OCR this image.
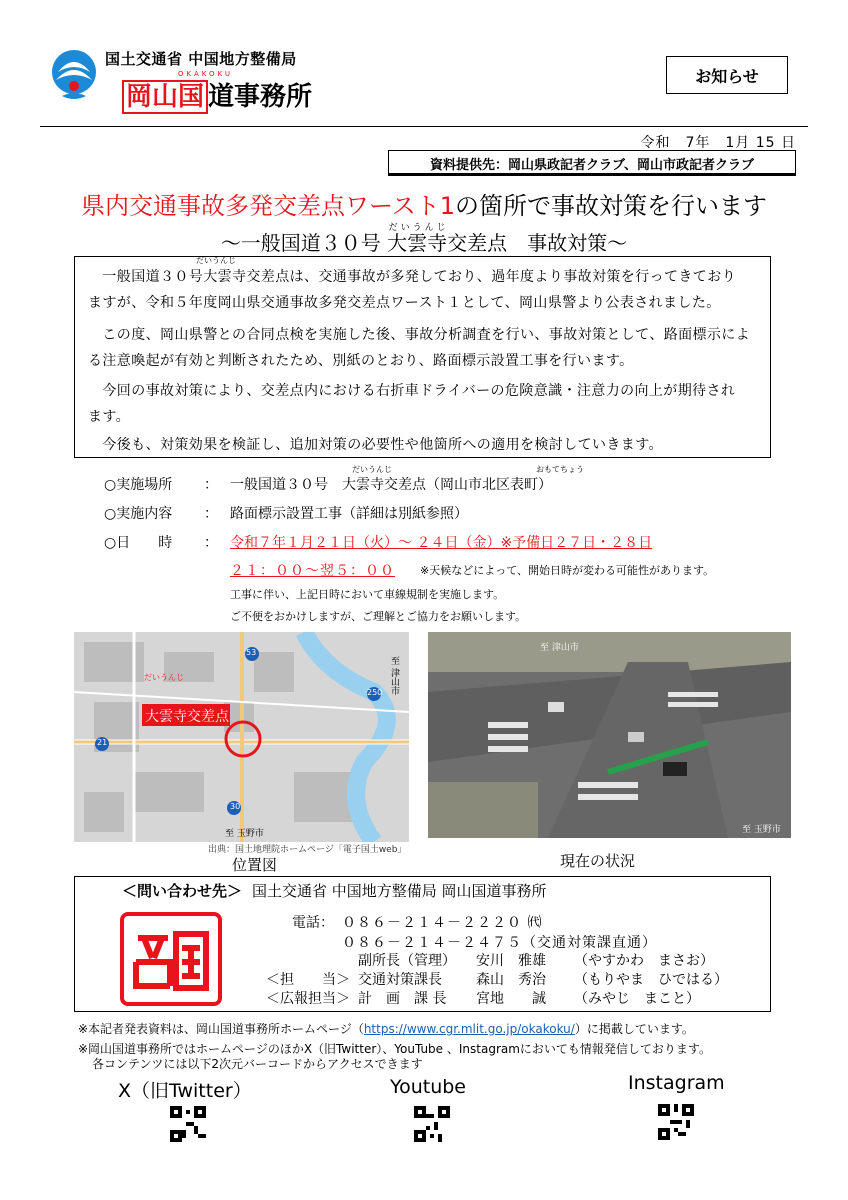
国土交通省 中国地方整備局
OKAKOKU
岡山国 道事務所
お知らせ
令和　7年　1月 15 日
資料提供先：岡山県政記者クラブ、岡山市政記者クラブ
県内交通事故多発交差点ワースト1の箇所で事故対策を行います
～一般国道３０号 大雲寺だいうんじ交差点　事故対策～
だいうんじ
　一般国道３０号大雲寺交差点は、交通事故が多発しており、過年度より事故対策を行ってきており
ますが、令和５年度岡山県交通事故多発交差点ワースト１として、岡山県警より公表されました。
　この度、岡山県警との合同点検を実施した後、事故分析調査を行い、事故対策として、路面標示によ
る注意喚起が有効と判断されたため、別紙のとおり、路面標示設置工事を行います。
　今回の事故対策により、交差点内における右折車ドライバーの危険意識・注意力の向上が期待され
ます。
　今後も、対策効果を検証し、追加対策の必要性や他箇所への適用を検討していきます。
だいうんじ	おもてちょう
○実施場所 ： 一般国道３０号　大雲寺交差点（岡山市北区表町）
○実施内容 ： 路面標示設置工事（詳細は別紙参照）
○日　　時 ： 令和７年１月２１日（火）～ ２４日（金）※予備日２７日・２８日
２１：００～翌５：００ ※天候などによって、開始日時が変わる可能性があります。
工事に伴い、上記日時において車線規制を実施します。
ご不便をおかけしますが、ご理解とご協力をお願いします。
だいうんじ
大雲寺交差点
53
250
21
30
至 津山市
至 玉野市
出典：国土地理院ホームページ「電子国土web」
位置図
至 津山市
至 玉野市
現在の状況
＜問い合わせ先＞ 国土交通省 中国地方整備局 岡山国道事務所
電話： ０８６－２１４－２２２０ ㈹
０８６－２１４－２４７５（交通対策課直通）
副所長（管理） 安川　雅雄 （やすかわ　まさお）
＜担　　当＞ 交通対策課長 森山　秀治 （もりやま　ひではる）
＜広報担当＞ 計　画　課 長 宮地　　誠 （みやじ　まこと）
※本記者発表資料は、岡山国道事務所ホームページ（https://www.cgr.mlit.go.jp/okakoku/）に掲載しています。
※岡山国道事務所ではホームページのほかX（旧Twitter）、YouTube 、Instagramにおいても情報発信しております。
各コンテンツには以下2次元バーコードからアクセスできます
X（旧Twitter）	Youtube	Instagram
